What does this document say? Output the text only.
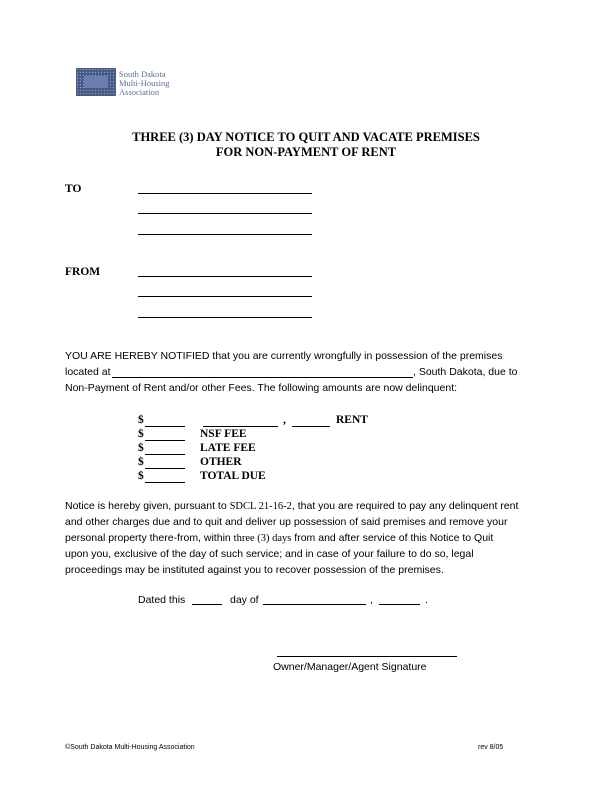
South Dakota
Multi-Housing
Association
THREE (3) DAY NOTICE TO QUIT AND VACATE PREMISES
FOR NON-PAYMENT OF RENT
TO
FROM
YOU ARE HEREBY NOTIFIED that you are currently wrongfully in possession of the premises
located at	, South Dakota, due to
Non-Payment of Rent and/or other Fees. The following amounts are now delinquent:
$	,	RENT
$	NSF FEE
$	LATE FEE
$	OTHER
$	TOTAL DUE
Notice is hereby given, pursuant to SDCL 21-16-2, that you are required to pay any delinquent rent
and other charges due and to quit and deliver up possession of said premises and remove your
personal property there-from, within three (3) days from and after service of this Notice to Quit
upon you, exclusive of the day of such service; and in case of your failure to do so, legal
proceedings may be instituted against you to recover possession of the premises.
Dated this	day of	,	.
Owner/Manager/Agent Signature
©South Dakota Multi-Housing Association	rev 8/05
